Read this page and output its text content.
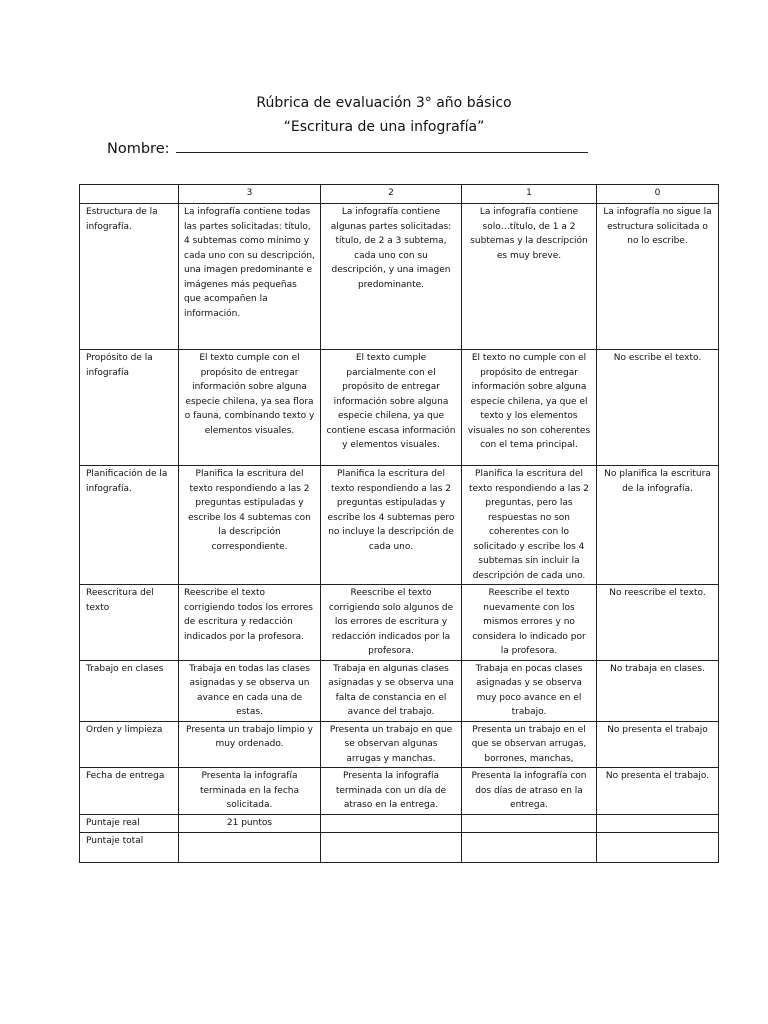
Rúbrica de evaluación 3° año básico
“Escritura de una infografía”
Nombre:
	3	2	1	0
Estructura de la infografía.	La infografía contiene todas las partes solicitadas: título, 4 subtemas como mínimo y cada uno con su descripción, una imagen predominante e imágenes más pequeñas que acompañen la información.	La infografía contiene algunas partes solicitadas: título, de 2 a 3 subtema, cada uno con su descripción, y una imagen predominante.	La infografía contiene solo…título, de 1 a 2 subtemas y la descripción es muy breve.	La infografía no sigue la estructura solicitada o no lo escribe.
Propósito de la infografía	El texto cumple con el propósito de entregar información sobre alguna especie chilena, ya sea flora o fauna, combinando texto y elementos visuales.	El texto cumple parcialmente con el propósito de entregar información sobre alguna especie chilena, ya que contiene escasa información y elementos visuales.	El texto no cumple con el propósito de entregar información sobre alguna especie chilena, ya que el texto y los elementos visuales no son coherentes con el tema principal.	No escribe el texto.
Planificación de la infografía.	Planifica la escritura del texto respondiendo a las 2 preguntas estipuladas y escribe los 4 subtemas con la descripción correspondiente.	Planifica la escritura del texto respondiendo a las 2 preguntas estipuladas y escribe los 4 subtemas pero no incluye la descripción de cada uno.	Planifica la escritura del texto respondiendo a las 2 preguntas, pero las respuestas no son coherentes con lo solicitado y escribe los 4 subtemas sin incluir la descripción de cada uno.	No planifica la escritura de la infografía.
Reescritura del texto	Reescribe el texto corrigiendo todos los errores de escritura y redacción indicados por la profesora.	Reescribe el texto corrigiendo solo algunos de los errores de escritura y redacción indicados por la profesora.	Reescribe el texto nuevamente con los mismos errores y no considera lo indicado por la profesora.	No reescribe el texto.
Trabajo en clases	Trabaja en todas las clases asignadas y se observa un avance en cada una de estas.	Trabaja en algunas clases asignadas y se observa una falta de constancia en el avance del trabajo.	Trabaja en pocas clases asignadas y se observa muy poco avance en el trabajo.	No trabaja en clases.
Orden y limpieza	Presenta un trabajo limpio y muy ordenado.	Presenta un trabajo en que se observan algunas arrugas y manchas.	Presenta un trabajo en el que se observan arrugas, borrones, manchas,	No presenta el trabajo
Fecha de entrega	Presenta la infografía terminada en la fecha solicitada.	Presenta la infografía terminada con un día de atraso en la entrega.	Presenta la infografía con dos días de atraso en la entrega.	No presenta el trabajo.
Puntaje real	21 puntos			
Puntaje total				
